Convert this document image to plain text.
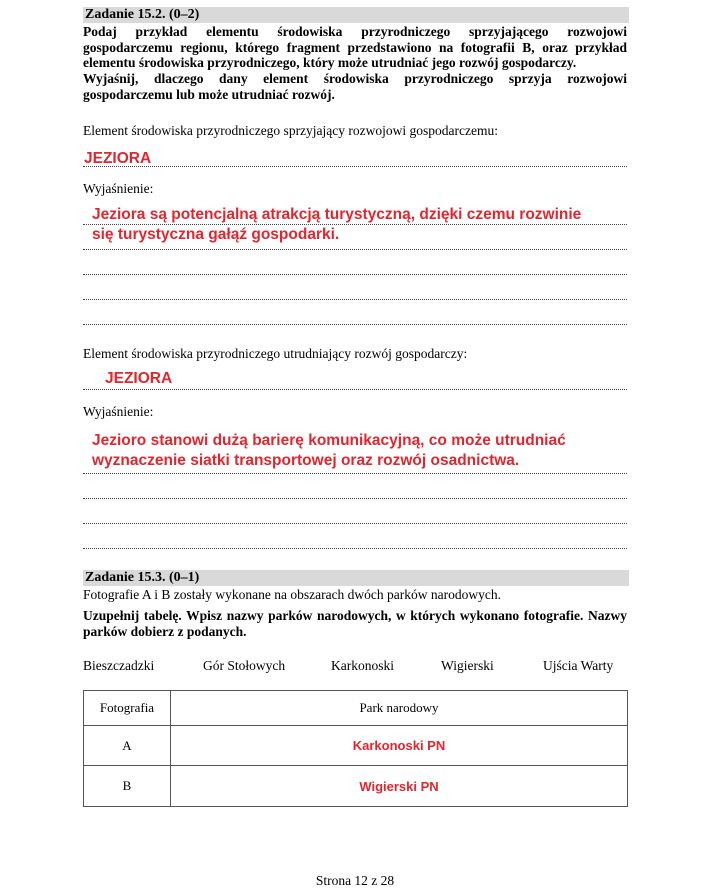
Zadanie 15.2. (0–2)
Podaj przykład elementu środowiska przyrodniczego sprzyjającego rozwojowi gospodarczemu regionu, którego fragment przedstawiono na fotografii B, oraz przykład elementu środowiska przyrodniczego, który może utrudniać jego rozwój gospodarczy.
Wyjaśnij, dlaczego dany element środowiska przyrodniczego sprzyja rozwojowi gospodarczemu lub może utrudniać rozwój.
Element środowiska przyrodniczego sprzyjający rozwojowi gospodarczemu:
JEZIORA
Wyjaśnienie:
Jeziora są potencjalną atrakcją turystyczną, dzięki czemu rozwinie
się turystyczna gałąź gospodarki.
Element środowiska przyrodniczego utrudniający rozwój gospodarczy:
JEZIORA
Wyjaśnienie:
Jezioro stanowi dużą barierę komunikacyjną, co może utrudniać
wyznaczenie siatki transportowej oraz rozwój osadnictwa.
Zadanie 15.3. (0–1)
Fotografie A i B zostały wykonane na obszarach dwóch parków narodowych.
Uzupełnij tabelę. Wpisz nazwy parków narodowych, w których wykonano fotografie. Nazwy parków dobierz z podanych.
Bieszczadzki	Gór Stołowych	Karkonoski	Wigierski	Ujścia Warty
Fotografia	Park narodowy
A	Karkonoski PN
B	Wigierski PN
Strona 12 z 28
